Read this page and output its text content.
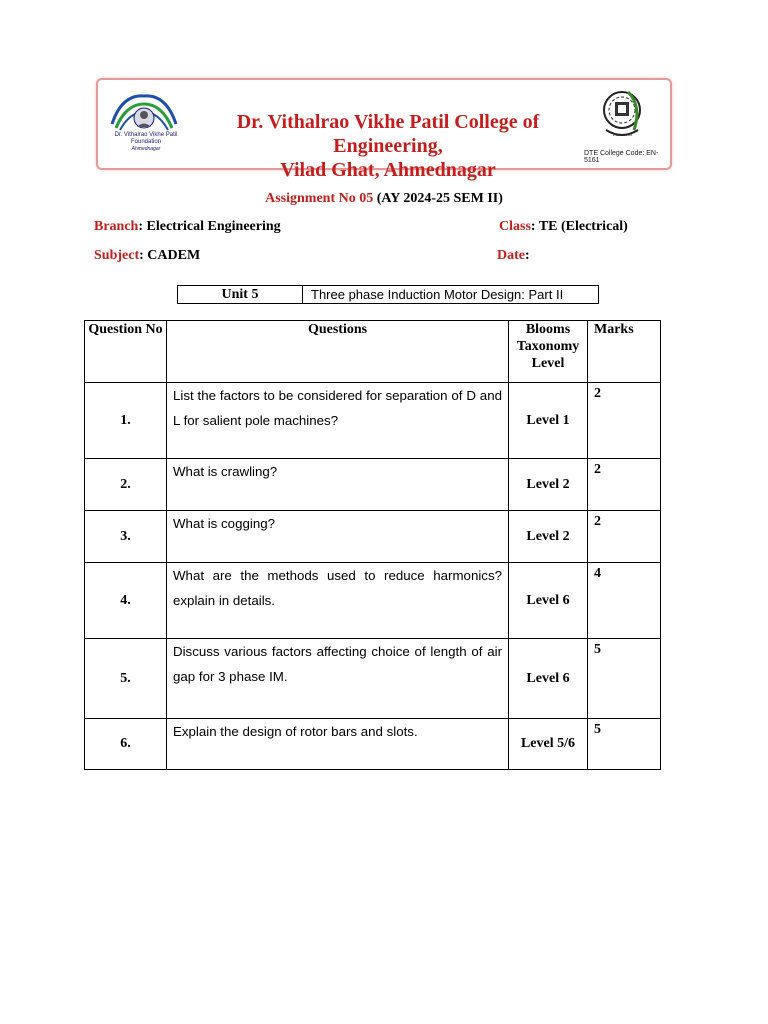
Dr. Vithalrao Vikhe Patil
Foundation
Ahmednagar
Dr. Vithalrao Vikhe Patil College of Engineering,
Vilad Ghat, Ahmednagar
Estd. 1983
DTE College Code: EN-5161
Assignment No 05 (AY 2024-25 SEM II)
Branch: Electrical Engineering	Class: TE (Electrical)
Subject: CADEM	Date:
Unit 5	Three phase Induction Motor Design: Part II
Question No	Questions	Blooms Taxonomy Level	Marks
1.	List the factors to be considered for separation of D and L for salient pole machines?	Level 1	2
2.	What is crawling?	Level 2	2
3.	What is cogging?	Level 2	2
4.	What are the methods used to reduce harmonics? explain in details.	Level 6	4
5.	Discuss various factors affecting choice of length of air gap for 3 phase IM.	Level 6	5
6.	Explain the design of rotor bars and slots.	Level 5/6	5
